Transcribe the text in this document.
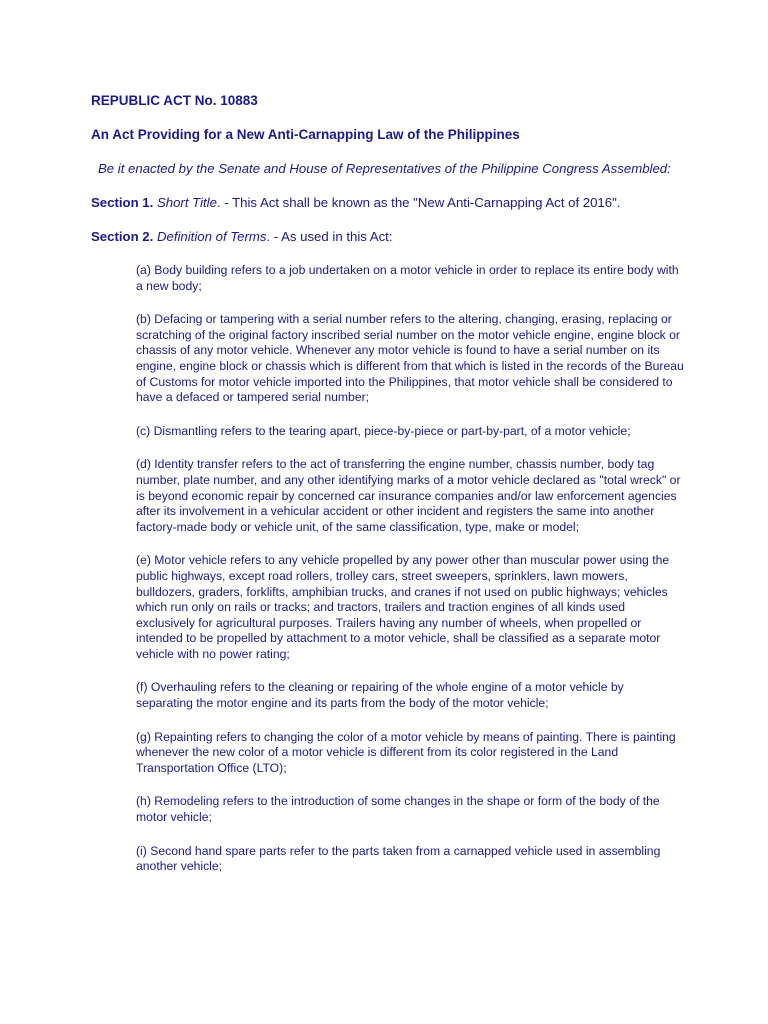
REPUBLIC ACT No. 10883
An Act Providing for a New Anti-Carnapping Law of the Philippines
Be it enacted by the Senate and House of Representatives of the Philippine Congress Assembled:
Section 1. Short Title. - This Act shall be known as the "New Anti-Carnapping Act of 2016".
Section 2. Definition of Terms. - As used in this Act:

(a) Body building refers to a job undertaken on a motor vehicle in order to replace its entire body with a new body;

(b) Defacing or tampering with a serial number refers to the altering, changing, erasing, replacing or scratching of the original factory inscribed serial number on the motor vehicle engine, engine block or chassis of any motor vehicle. Whenever any motor vehicle is found to have a serial number on its engine, engine block or chassis which is different from that which is listed in the records of the Bureau of Customs for motor vehicle imported into the Philippines, that motor vehicle shall be considered to have a defaced or tampered serial number;

(c) Dismantling refers to the tearing apart, piece-by-piece or part-by-part, of a motor vehicle;

(d) Identity transfer refers to the act of transferring the engine number, chassis number, body tag number, plate number, and any other identifying marks of a motor vehicle declared as "total wreck" or is beyond economic repair by concerned car insurance companies and/or law enforcement agencies after its involvement in a vehicular accident or other incident and registers the same into another factory-made body or vehicle unit, of the same classification, type, make or model;

(e) Motor vehicle refers to any vehicle propelled by any power other than muscular power using the public highways, except road rollers, trolley cars, street sweepers, sprinklers, lawn mowers, bulldozers, graders, forklifts, amphibian trucks, and cranes if not used on public highways; vehicles which run only on rails or tracks; and tractors, trailers and traction engines of all kinds used exclusively for agricultural purposes. Trailers having any number of wheels, when propelled or intended to be propelled by attachment to a motor vehicle, shall be classified as a separate motor vehicle with no power rating;

(f) Overhauling refers to the cleaning or repairing of the whole engine of a motor vehicle by separating the motor engine and its parts from the body of the motor vehicle;

(g) Repainting refers to changing the color of a motor vehicle by means of painting. There is painting whenever the new color of a motor vehicle is different from its color registered in the Land Transportation Office (LTO);

(h) Remodeling refers to the introduction of some changes in the shape or form of the body of the motor vehicle;

(i) Second hand spare parts refer to the parts taken from a carnapped vehicle used in assembling another vehicle;
